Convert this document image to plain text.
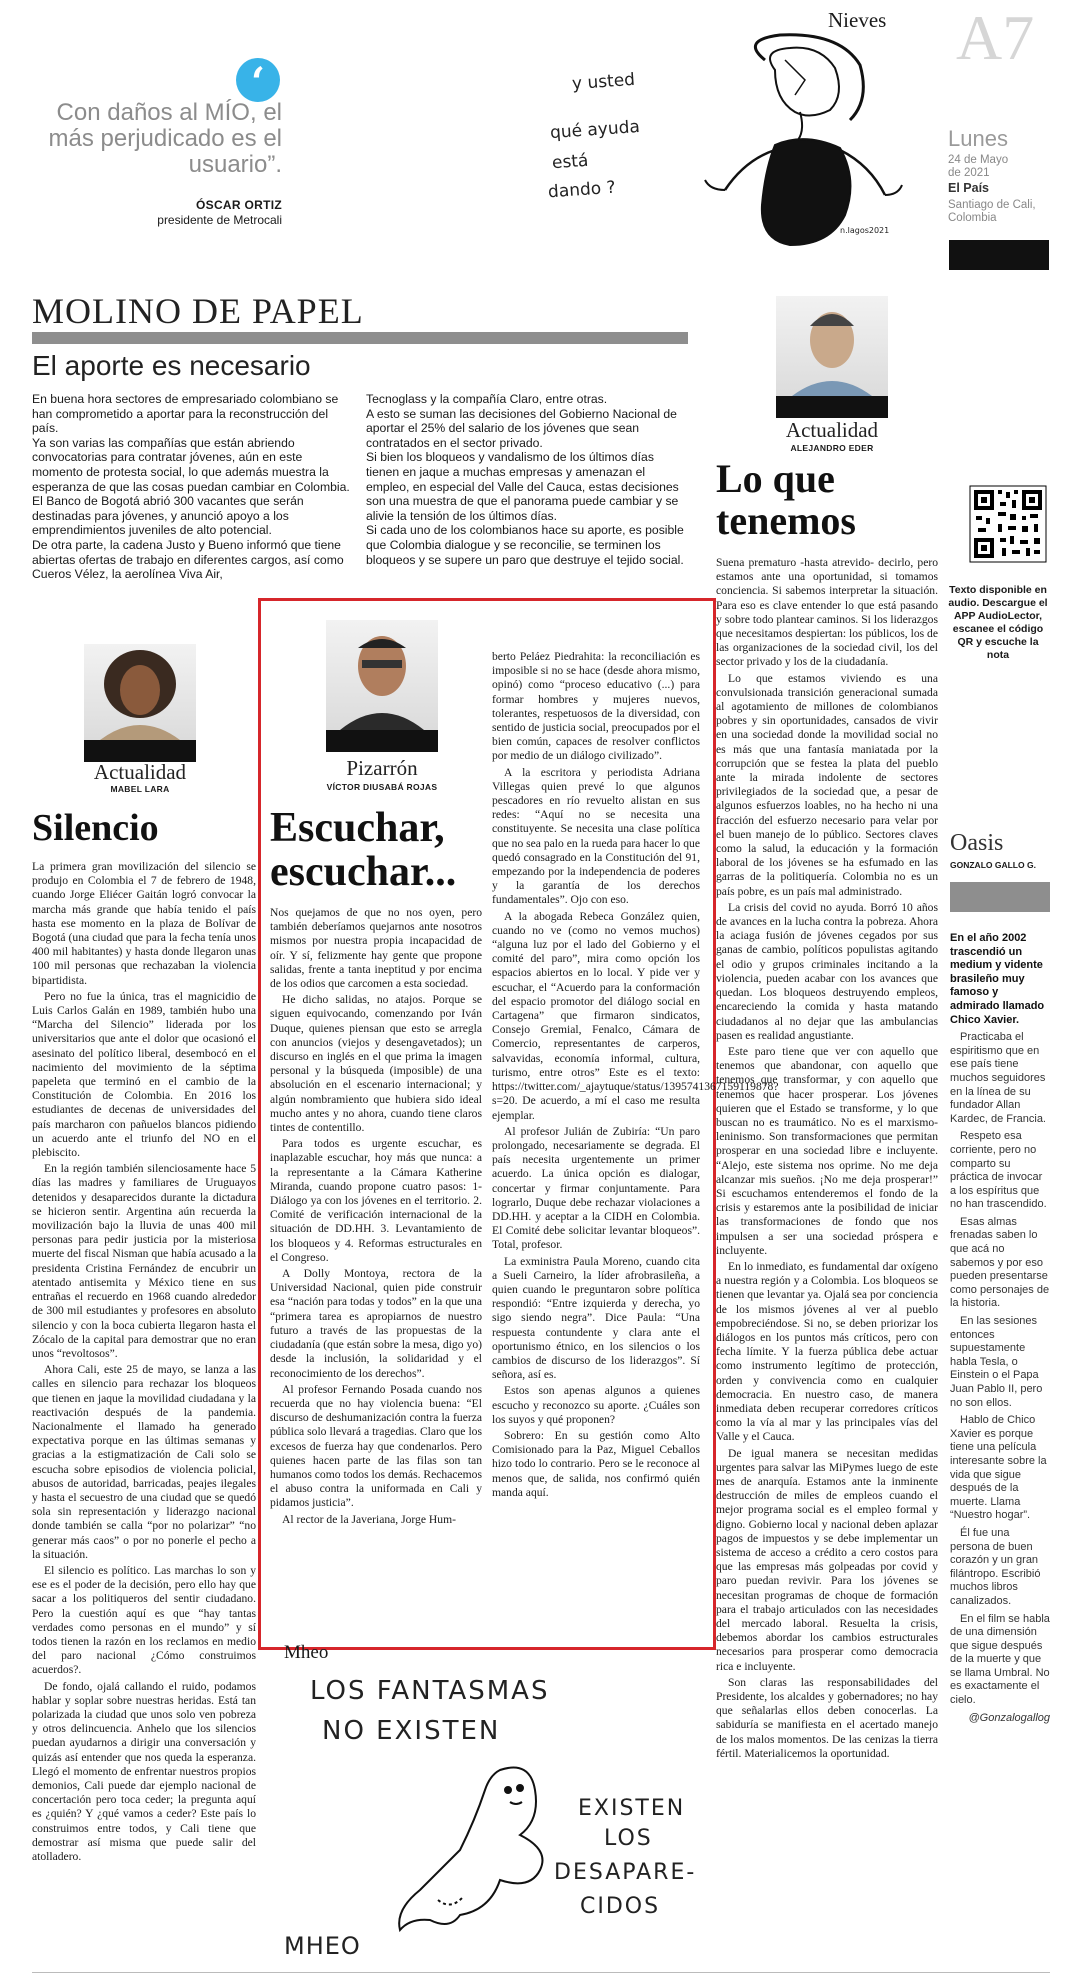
‘
Con daños al MÍO, el más perjudicado es el usuario”.
ÓSCAR ORTIZ
presidente de Metrocali
Nieves
y usted
qué ayuda
está
dando ?
n.lagos2021
A7
Lunes
24 de Mayo
de 2021
El País
Santiago de Cali,
Colombia
MOLINO DE PAPEL
El aporte es necesario

En buena hora sectores de empresariado colombiano se han comprometido a aportar para la reconstrucción del país.

Ya son varias las compañías que están abriendo convocatorias para contratar jóvenes, aún en este momento de protesta social, lo que además muestra la esperanza de que las cosas puedan cambiar en Colombia.

El Banco de Bogotá abrió 300 vacantes que serán destinadas para jóvenes, y anunció apoyo a los emprendimientos juveniles de alto potencial.

De otra parte, la cadena Justo y Bueno informó que tiene abiertas ofertas de trabajo en diferentes cargos, así como Cueros Vélez, la aerolínea Viva Air,

Tecnoglass y la compañía Claro, entre otras.

A esto se suman las decisiones del Gobierno Nacional de aportar el 25% del salario de los jóvenes que sean contratados en el sector privado.

Si bien los bloqueos y vandalismo de los últimos días tienen en jaque a muchas empresas y amenazan el empleo, en especial del Valle del Cauca, estas decisiones son una muestra de que el panorama puede cambiar y se alivie la tensión de los últimos días.

Si cada uno de los colombianos hace su aporte, es posible que Colombia dialogue y se reconcilie, se terminen los bloqueos y se supere un paro que destruye el tejido social.

Actualidad
ALEJANDRO EDER
Lo que tenemos
Texto disponible en audio. Descargue el APP AudioLector, escanee el código QR y escuche la nota
Oasis
GONZALO GALLO G.

En el año 2002 trascendió un medium y vidente brasileño muy famoso y admirado llamado Chico Xavier.

Practicaba el espiritismo que en ese país tiene muchos seguidores en la línea de su fundador Allan Kardec, de Francia.

Respeto esa corriente, pero no comparto su práctica de invocar a los espíritus que no han trascendido.

Esas almas frenadas saben lo que acá no sabemos y por eso pueden presentarse como personajes de la historia.

En las sesiones entonces supuestamente habla Tesla, o Einstein o el Papa Juan Pablo II, pero no son ellos.

Hablo de Chico Xavier es porque tiene una película interesante sobre la vida que sigue después de la muerte. Llama “Nuestro hogar”.

Él fue una persona de buen corazón y un gran filántropo. Escribió muchos libros canalizados.

En el film se habla de una dimensión que sigue después de la muerte y que se llama Umbral. No es exactamente el cielo.

@Gonzalogallog

Actualidad
MABEL LARA
Silencio

La primera gran movilización del silencio se produjo en Colombia el 7 de febrero de 1948, cuando Jorge Eliécer Gaitán logró convocar la marcha más grande que había tenido el país hasta ese momento en la plaza de Bolívar de Bogotá (una ciudad que para la fecha tenía unos 400 mil habitantes) y hasta donde llegaron unas 100 mil personas que rechazaban la violencia bipartidista.

Pero no fue la única, tras el magnicidio de Luis Carlos Galán en 1989, también hubo una “Marcha del Silencio” liderada por los universitarios que ante el dolor que ocasionó el asesinato del político liberal, desembocó en el nacimiento del movimiento de la séptima papeleta que terminó en el cambio de la Constitución de Colombia. En 2016 los estudiantes de decenas de universidades del país marcharon con pañuelos blancos pidiendo un acuerdo ante el triunfo del NO en el plebiscito.

En la región también silenciosamente hace 5 días las madres y familiares de Uruguayos detenidos y desaparecidos durante la dictadura se hicieron sentir. Argentina aún recuerda la movilización bajo la lluvia de unas 400 mil personas para pedir justicia por la misteriosa muerte del fiscal Nisman que había acusado a la presidenta Cristina Fernández de encubrir un atentado antisemita y México tiene en sus entrañas el recuerdo en 1968 cuando alrededor de 300 mil estudiantes y profesores en absoluto silencio y con la boca cubierta llegaron hasta el Zócalo de la capital para demostrar que no eran unos “revoltosos”.

Ahora Cali, este 25 de mayo, se lanza a las calles en silencio para rechazar los bloqueos que tienen en jaque la movilidad ciudadana y la reactivación después de la pandemia. Nacionalmente el llamado ha generado expectativa porque en las últimas semanas y gracias a la estigmatización de Cali solo se escucha sobre episodios de violencia policial, abusos de autoridad, barricadas, peajes ilegales y hasta el secuestro de una ciudad que se quedó sola sin representación y liderazgo nacional donde también se calla “por no polarizar” “no generar más caos” o por no ponerle el pecho a la situación.

El silencio es político. Las marchas lo son y ese es el poder de la decisión, pero ello hay que sacar a los politiqueros del sentir ciudadano. Pero la cuestión aquí es que “hay tantas verdades como personas en el mundo” y sí todos tienen la razón en los reclamos en medio del paro nacional ¿Cómo construimos acuerdos?.

De fondo, ojalá callando el ruido, podamos hablar y soplar sobre nuestras heridas. Está tan polarizada la ciudad que unos solo ven pobreza y otros delincuencia. Anhelo que los silencios puedan ayudarnos a dirigir una conversación y quizás así entender que nos queda la esperanza. Llegó el momento de enfrentar nuestros propios demonios, Cali puede dar ejemplo nacional de concertación pero toca ceder; la pregunta aquí es ¿quién? Y ¿qué vamos a ceder? Este país lo construimos entre todos, y Cali tiene que demostrar así misma que puede salir del atolladero.

Pizarrón
VÍCTOR DIUSABÁ ROJAS
Escuchar, escuchar...

Nos quejamos de que no nos oyen, pero también deberíamos quejarnos ante nosotros mismos por nuestra propia incapacidad de oír. Y sí, felizmente hay gente que propone salidas, frente a tanta ineptitud y por encima de los odios que carcomen a esta sociedad.

He dicho salidas, no atajos. Porque se siguen equivocando, comenzando por Iván Duque, quienes piensan que esto se arregla con anuncios (viejos y desengavetados); un discurso en inglés en el que prima la imagen personal y la búsqueda (imposible) de una absolución en el escenario internacional; y algún nombramiento que hubiera sido ideal mucho antes y no ahora, cuando tiene claros tintes de contentillo.

Para todos es urgente escuchar, es inaplazable escuchar, hoy más que nunca: a la representante a la Cámara Katherine Miranda, cuando propone cuatro pasos: 1- Diálogo ya con los jóvenes en el territorio. 2. Comité de verificación internacional de la situación de DD.HH. 3. Levantamiento de los bloqueos y 4. Reformas estructurales en el Congreso.

A Dolly Montoya, rectora de la Universidad Nacional, quien pide construir esa “nación para todas y todos” en la que una “primera tarea es apropiarnos de nuestro futuro a través de las propuestas de la ciudadanía (que están sobre la mesa, digo yo) desde la inclusión, la solidaridad y el reconocimiento de los derechos”.

Al profesor Fernando Posada cuando nos recuerda que no hay violencia buena: “El discurso de deshumanización contra la fuerza pública solo llevará a tragedias. Claro que los excesos de fuerza hay que condenarlos. Pero quienes hacen parte de las filas son tan humanos como todos los demás. Rechacemos el abuso contra la uniformada en Cali y pidamos justicia”.

Al rector de la Javeriana, Jorge Hum-

berto Peláez Piedrahita: la reconciliación es imposible si no se hace (desde ahora mismo, opinó) como “proceso educativo (...) para formar hombres y mujeres nuevos, tolerantes, respetuosos de la diversidad, con sentido de justicia social, preocupados por el bien común, capaces de resolver conflictos por medio de un diálogo civilizado”.

A la escritora y periodista Adriana Villegas quien prevé lo que algunos pescadores en río revuelto alistan en sus redes: “Aquí no se necesita una constituyente. Se necesita una clase política que no sea palo en la rueda para hacer lo que quedó consagrado en la Constitución del 91, empezando por la independencia de poderes y la garantía de los derechos fundamentales”. Ojo con eso.

A la abogada Rebeca González quien, cuando no ve (como no vemos muchos) “alguna luz por el lado del Gobierno y el comité del paro”, mira como opción los espacios abiertos en lo local. Y pide ver y escuchar, el “Acuerdo para la conformación del espacio promotor del diálogo social en Cartagena” que firmaron sindicatos, Consejo Gremial, Fenalco, Cámara de Comercio, representantes de carperos, salvavidas, economía informal, cultura, turismo, entre otros” Este es el texto: https://twitter.com/_ajaytuque/status/1395741367159119878?s=20. De acuerdo, a mí el caso me resulta ejemplar.

Al profesor Julián de Zubiría: “Un paro prolongado, necesariamente se degrada. El país necesita urgentemente un primer acuerdo. La única opción es dialogar, concertar y firmar conjuntamente. Para lograrlo, Duque debe rechazar violaciones a DD.HH. y aceptar a la CIDH en Colombia. El Comité debe solicitar levantar bloqueos”. Total, profesor.

La exministra Paula Moreno, cuando cita a Sueli Carneiro, la líder afrobrasileña, a quien cuando le preguntaron sobre política respondió: “Entre izquierda y derecha, yo sigo siendo negra”. Dice Paula: “Una respuesta contundente y clara ante el oportunismo étnico, en los silencios o los cambios de discurso de los liderazgos”. Sí señora, así es.

Estos son apenas algunos a quienes escucho y reconozco su aporte. ¿Cuáles son los suyos y qué proponen?

Sobrero: En su gestión como Alto Comisionado para la Paz, Miguel Ceballos hizo todo lo contrario. Pero se le reconoce al menos que, de salida, nos confirmó quién manda aquí.

Suena prematuro -hasta atrevido- decirlo, pero estamos ante una oportunidad, si tomamos conciencia. Si sabemos interpretar la situación. Para eso es clave entender lo que está pasando y sobre todo plantear caminos. Si los liderazgos que necesitamos despiertan: los públicos, los de las organizaciones de la sociedad civil, los del sector privado y los de la ciudadanía.

Lo que estamos viviendo es una convulsionada transición generacional sumada al agotamiento de millones de colombianos pobres y sin oportunidades, cansados de vivir en una sociedad donde la movilidad social no es más que una fantasía maniatada por la corrupción que se festea la plata del pueblo ante la mirada indolente de sectores privilegiados de la sociedad que, a pesar de algunos esfuerzos loables, no ha hecho ni una fracción del esfuerzo necesario para velar por el buen manejo de lo público. Sectores claves como la salud, la educación y la formación laboral de los jóvenes se ha esfumado en las garras de la politiquería. Colombia no es un país pobre, es un país mal administrado.

La crisis del covid no ayuda. Borró 10 años de avances en la lucha contra la pobreza. Ahora la aciaga fusión de jóvenes cegados por sus ganas de cambio, políticos populistas agitando el odio y grupos criminales incitando a la violencia, pueden acabar con los avances que quedan. Los bloqueos destruyendo empleos, encareciendo la comida y hasta matando ciudadanos al no dejar que las ambulancias pasen es realidad angustiante.

Este paro tiene que ver con aquello que tenemos que abandonar, con aquello que tenemos que transformar, y con aquello que tenemos que hacer prosperar. Los jóvenes quieren que el Estado se transforme, y lo que buscan no es traumático. No es el marxismo-leninismo. Son transformaciones que permitan prosperar en una sociedad libre e incluyente. “Alejo, este sistema nos oprime. No me deja alcanzar mis sueños. ¡No me deja prosperar!” Si escuchamos entenderemos el fondo de la crisis y estaremos ante la posibilidad de iniciar las transformaciones de fondo que nos impulsen a ser una sociedad próspera e incluyente.

En lo inmediato, es fundamental dar oxígeno a nuestra región y a Colombia. Los bloqueos se tienen que levantar ya. Ojalá sea por conciencia de los mismos jóvenes al ver al pueblo empobreciéndose. Si no, se deben priorizar los diálogos en los puntos más críticos, pero con fecha límite. Y la fuerza pública debe actuar como instrumento legítimo de protección, orden y convivencia como en cualquier democracia. En nuestro caso, de manera inmediata deben recuperar corredores críticos como la vía al mar y las principales vías del Valle y el Cauca.

De igual manera se necesitan medidas urgentes para salvar las MiPymes luego de este mes de anarquía. Estamos ante la inminente destrucción de miles de empleos cuando el mejor programa social es el empleo formal y digno. Gobierno local y nacional deben aplazar pagos de impuestos y se debe implementar un sistema de acceso a crédito a cero costos para que las empresas más golpeadas por covid y paro puedan revivir. Para los jóvenes se necesitan programas de choque de formación para el trabajo articulados con las necesidades del mercado laboral. Resuelta la crisis, debemos abordar los cambios estructurales necesarios para prosperar como democracia rica e incluyente.

Son claras las responsabilidades del Presidente, los alcaldes y gobernadores; no hay que señalarlas ellos deben conocerlas. La sabiduría se manifiesta en el acertado manejo de los malos momentos. De las cenizas la tierra fértil. Materialicemos la oportunidad.

Mheo
LOS FANTASMAS
NO EXISTEN
EXISTEN
LOS
DESAPARE-
CIDOS
MHEO
